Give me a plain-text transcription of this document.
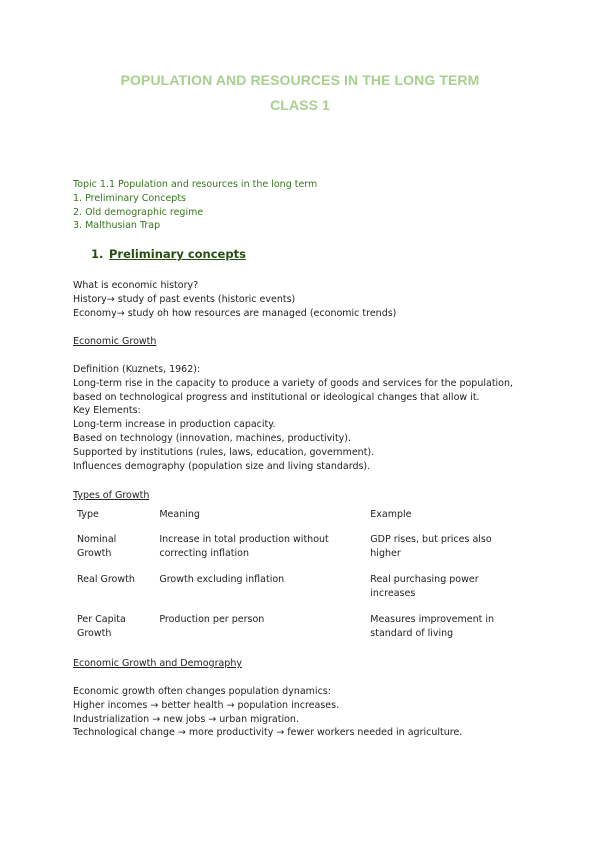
POPULATION AND RESOURCES IN THE LONG TERM
CLASS 1
Topic 1.1 Population and resources in the long term
1. Preliminary Concepts
2. Old demographic regime
3. Malthusian Trap
1. Preliminary concepts
What is economic history?
History→ study of past events (historic events)
Economy→ study oh how resources are managed (economic trends)
Economic Growth
Definition (Kuznets, 1962):
Long-term rise in the capacity to produce a variety of goods and services for the population,
based on technological progress and institutional or ideological changes that allow it.
Key Elements:
Long-term increase in production capacity.
Based on technology (innovation, machines, productivity).
Supported by institutions (rules, laws, education, government).
Influences demography (population size and living standards).
Types of Growth
Type	Meaning	Example
Nominal Growth	Increase in total production without correcting inflation	GDP rises, but prices also higher
Real Growth	Growth excluding inflation	Real purchasing power increases
Per Capita Growth	Production per person	Measures improvement in standard of living
Economic Growth and Demography
Economic growth often changes population dynamics:
Higher incomes → better health → population increases.
Industrialization → new jobs → urban migration.
Technological change → more productivity → fewer workers needed in agriculture.
